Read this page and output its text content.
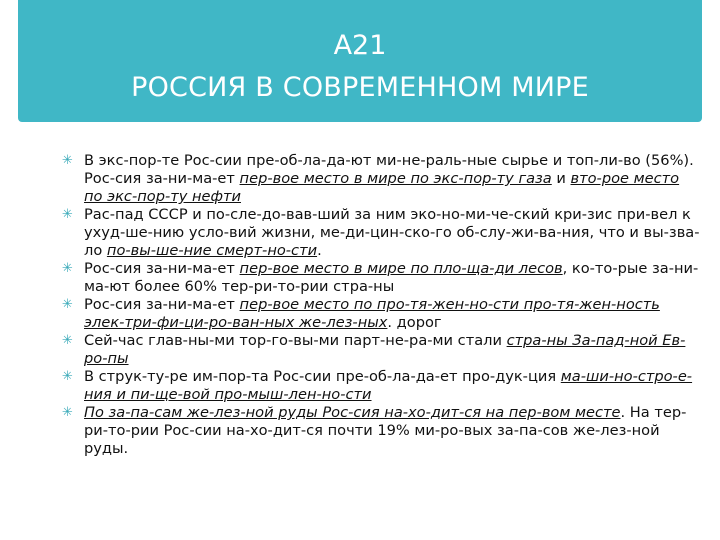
А21
РОССИЯ В СОВРЕМЕННОМ МИРЕ
✳ В экс-пор-те Рос-сии пре-об-ла-да-ют ми-не-раль-ные сырье и топ-ли-во (56%). Рос-сия за-ни-ма-ет пер-вое место в мире по экс-пор-ту газа и вто-рое место по экс-пор-ту нефти
✳ Рас-пад СССР и по-сле-до-вав-ший за ним эко-но-ми-че-ский кри-зис при-вел к ухуд-ше-нию усло-вий жизни, ме-ди-цин-ско-го об-слу-жи-ва-ния, что и вы-зва-ло по-вы-ше-ние смерт-но-сти.
✳ Рос-сия за-ни-ма-ет пер-вое место в мире по пло-ща-ди лесов, ко-то-рые за-ни-ма-ют более 60% тер-ри-то-рии стра-ны
✳ Рос-сия за-ни-ма-ет пер-вое место по про-тя-жен-но-сти про-тя-жен-ность элек-три-фи-ци-ро-ван-ных же-лез-ных. дорог
✳ Сей-час глав-ны-ми тор-го-вы-ми парт-не-ра-ми стали стра-ны За-пад-ной Ев-ро-пы
✳ В струк-ту-ре им-пор-та Рос-сии пре-об-ла-да-ет про-дук-ция ма-ши-но-стро-е-ния и пи-ще-вой про-мыш-лен-но-сти
✳ По за-па-сам же-лез-ной руды Рос-сия на-хо-дит-ся на пер-вом месте. На тер-ри-то-рии Рос-сии на-хо-дит-ся почти 19% ми-ро-вых за-па-сов же-лез-ной руды.
